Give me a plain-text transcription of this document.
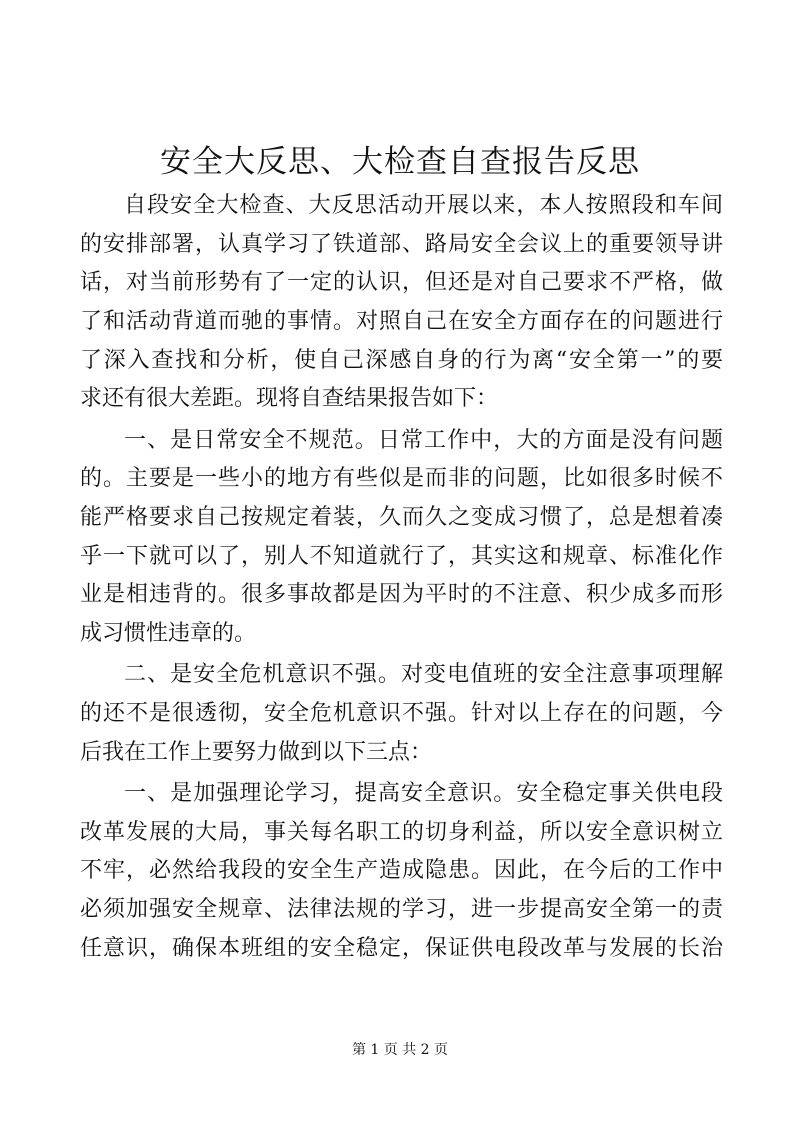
安全大反思、大检查自查报告反思
自段安全大检查、大反思活动开展以来，本人按照段和车间
的安排部署，认真学习了铁道部、路局安全会议上的重要领导讲
话，对当前形势有了一定的认识，但还是对自己要求不严格，做
了和活动背道而驰的事情。对照自己在安全方面存在的问题进行
了深入查找和分析，使自己深感自身的行为离“安全第一”的要
求还有很大差距。现将自查结果报告如下：
一、是日常安全不规范。日常工作中，大的方面是没有问题
的。主要是一些小的地方有些似是而非的问题，比如很多时候不
能严格要求自己按规定着装，久而久之变成习惯了，总是想着凑
乎一下就可以了，别人不知道就行了，其实这和规章、标准化作
业是相违背的。很多事故都是因为平时的不注意、积少成多而形
成习惯性违章的。
二、是安全危机意识不强。对变电值班的安全注意事项理解
的还不是很透彻，安全危机意识不强。针对以上存在的问题，今
后我在工作上要努力做到以下三点：
一、是加强理论学习，提高安全意识。安全稳定事关供电段
改革发展的大局，事关每名职工的切身利益，所以安全意识树立
不牢，必然给我段的安全生产造成隐患。因此，在今后的工作中
必须加强安全规章、法律法规的学习，进一步提高安全第一的责
任意识，确保本班组的安全稳定，保证供电段改革与发展的长治
第 1 页 共 2 页
